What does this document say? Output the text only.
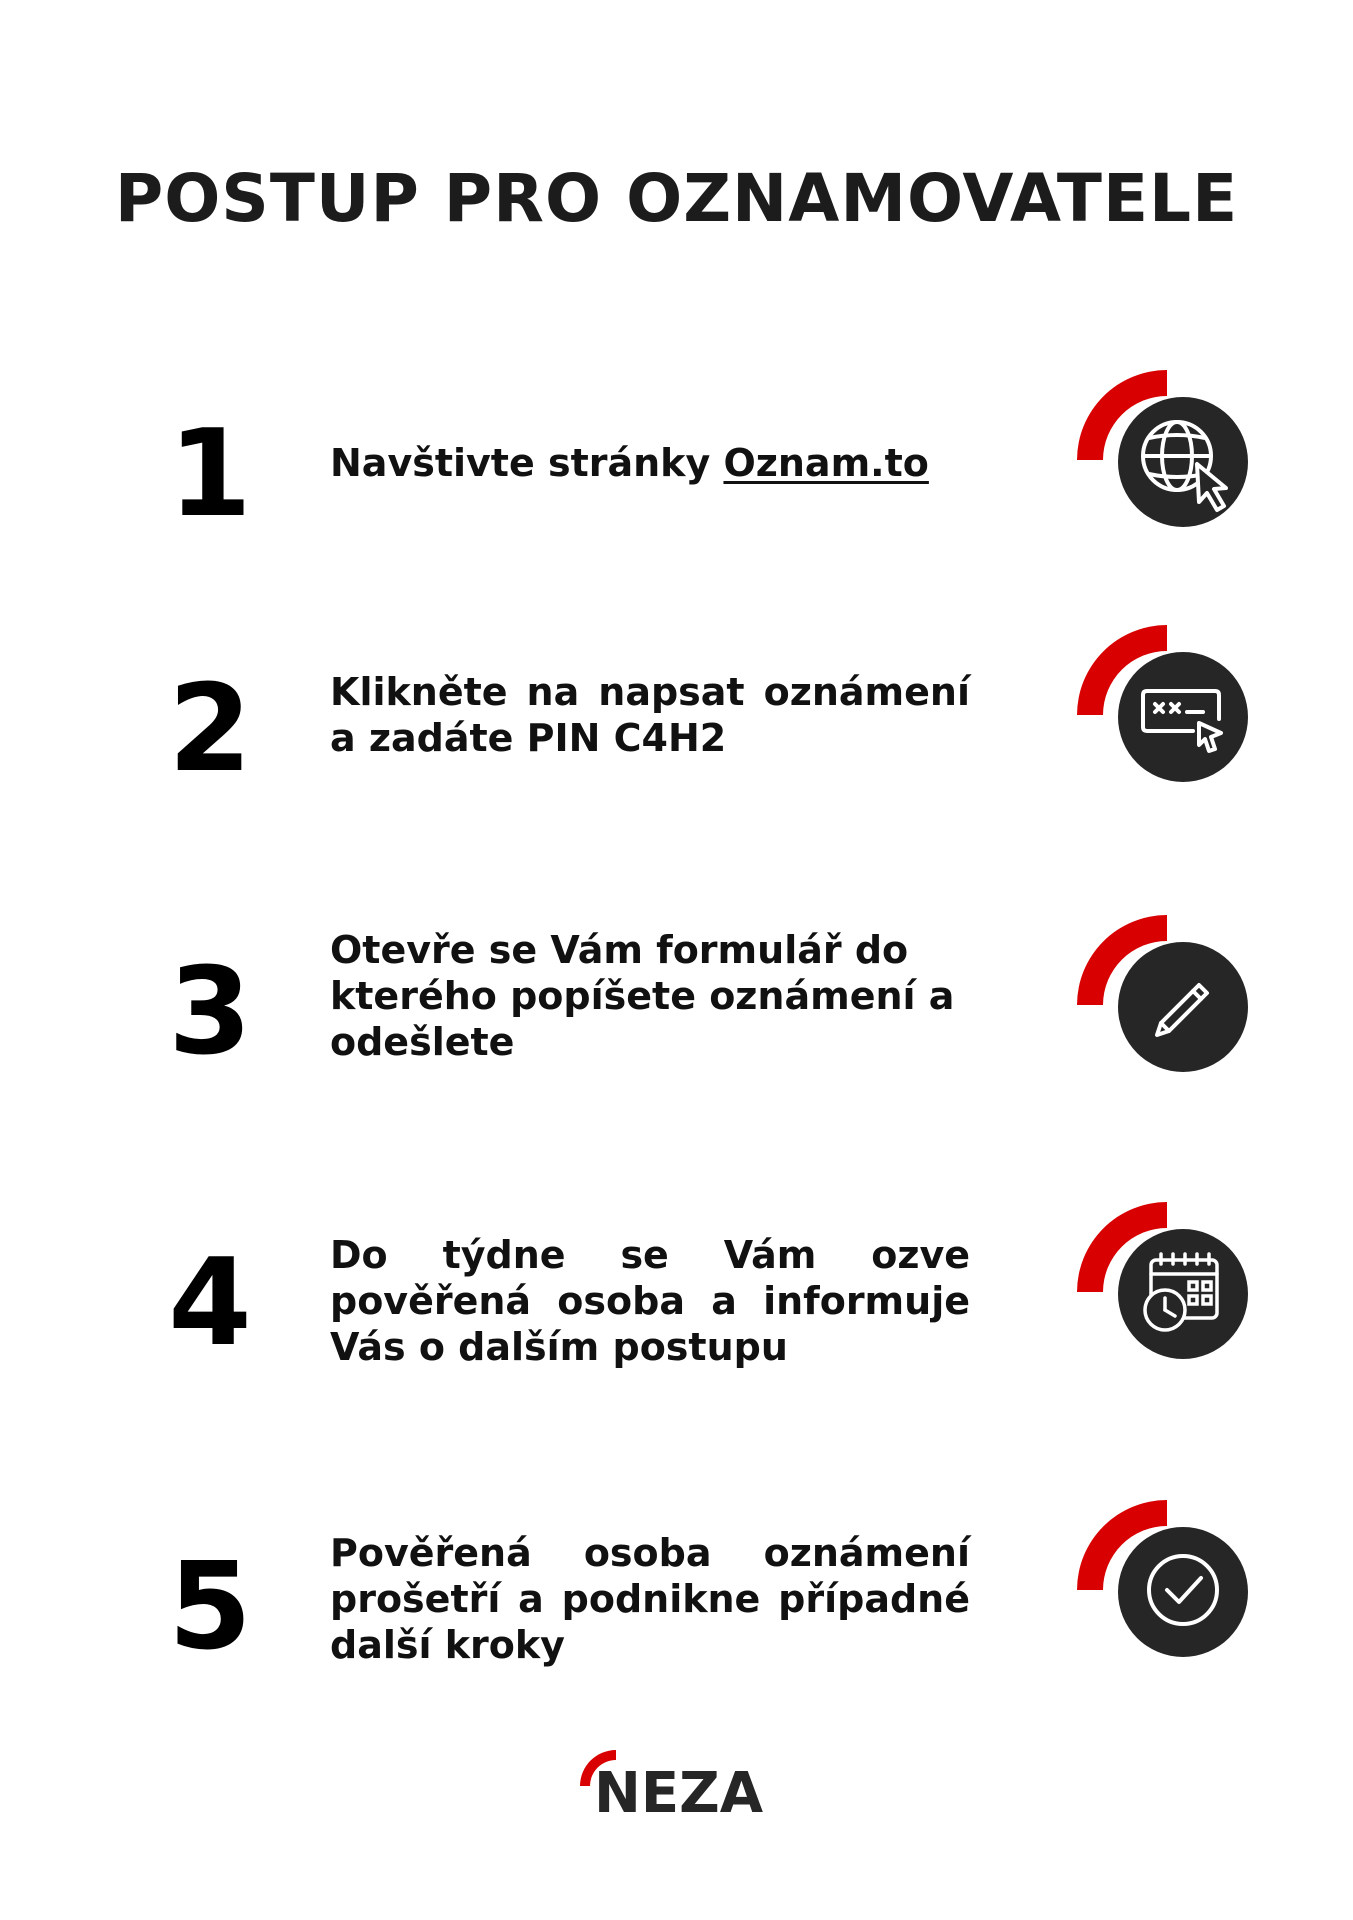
POSTUP PRO OZNAMOVATELE
1	Navštivte stránky Oznam.to
2	Klikněte na napsat oznámení a zadáte PIN C4H2
3	Otevře se Vám formulář do kterého popíšete oznámení a odešlete
4	Do týdne se Vám ozve pověřená osoba a informuje Vás o dalším postupu
5	Pověřená osoba oznámení prošetří a podnikne případné další kroky
NEZA
